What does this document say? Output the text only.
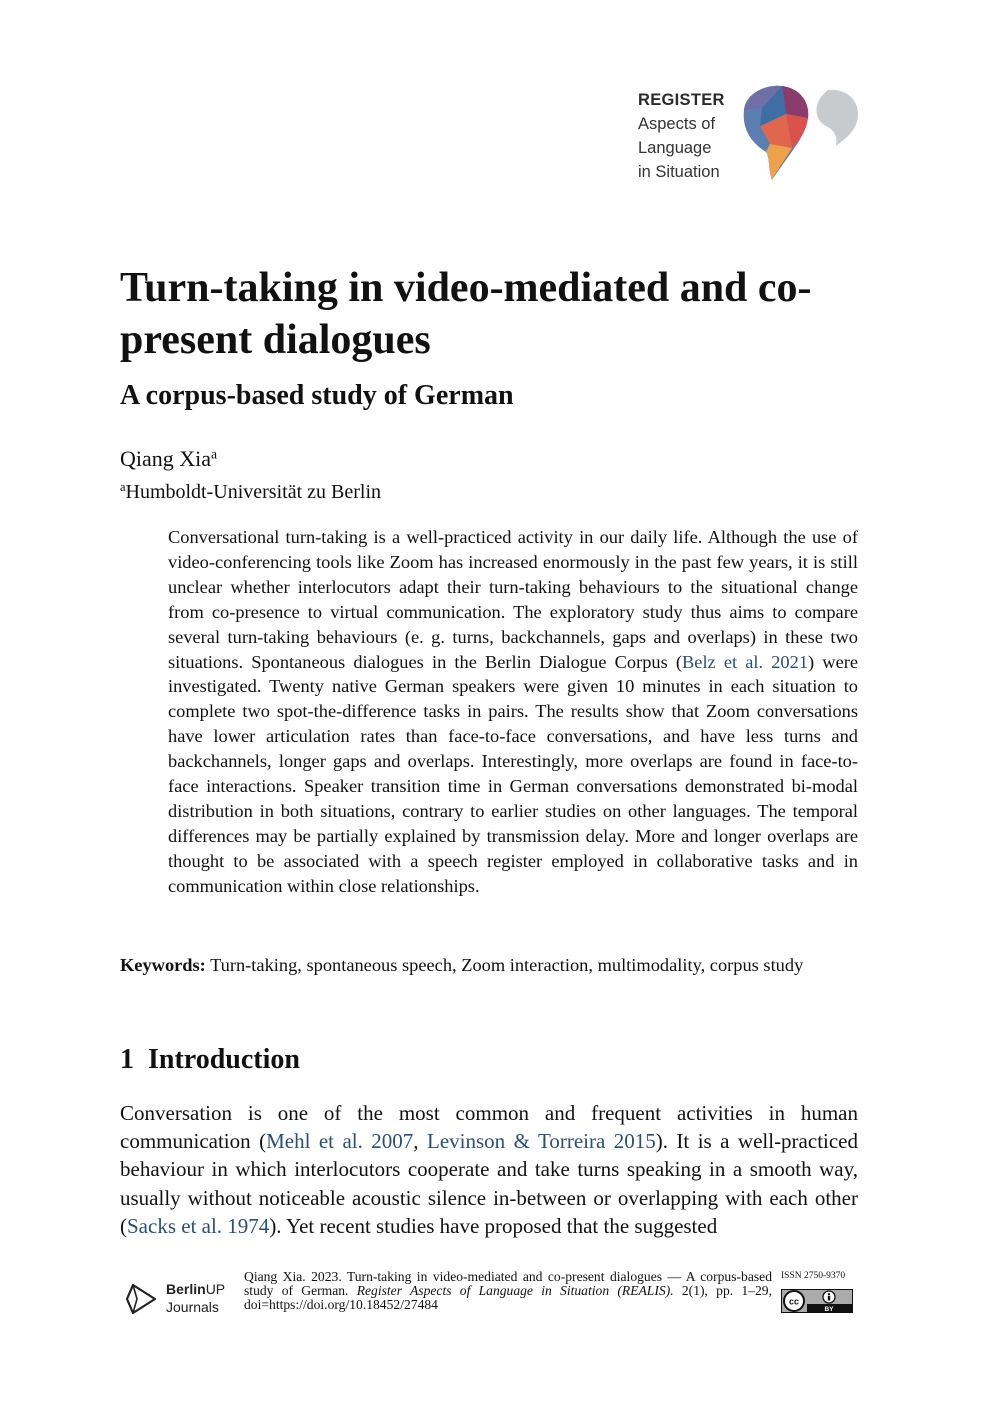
REGISTER
Aspects of
Language
in Situation
Turn-taking in video-mediated and co-present dialogues
A corpus-based study of German
Qiang Xia$^a$
$^a$Humboldt-Universität zu Berlin

Conversational turn-taking is a well-practiced activity in our daily life. Although the use of video-conferencing tools like Zoom has increased enormously in the past few years, it is still unclear whether interlocutors adapt their turn-taking behaviours to the situational change from co-presence to virtual communication. The exploratory study thus aims to compare several turn-taking behaviours (e. g. turns, backchannels, gaps and overlaps) in these two situations. Spontaneous dialogues in the Berlin Dialogue Corpus (Belz et al. 2021) were investigated. Twenty native German speakers were given 10 minutes in each situation to complete two spot-the-difference tasks in pairs. The results show that Zoom conversations have lower articulation rates than face-to-face conversations, and have less turns and backchannels, longer gaps and overlaps. Interestingly, more overlaps are found in face-to-face interactions. Speaker transition time in German conversations demonstrated bi-modal distribution in both situations, contrary to earlier studies on other languages. The temporal differences may be partially explained by transmission delay. More and longer overlaps are thought to be associated with a speech register employed in collaborative tasks and in communication within close relationships.

Keywords: Turn-taking, spontaneous speech, Zoom interaction, multimodality, corpus study

1 Introduction

Conversation is one of the most common and frequent activities in human communication (Mehl et al. 2007, Levinson & Torreira 2015). It is a well-practiced behaviour in which interlocutors cooperate and take turns speaking in a smooth way, usually without noticeable acoustic silence in-between or overlapping with each other (Sacks et al. 1974). Yet recent studies have proposed that the suggested

BerlinUP
Journals
Qiang Xia. 2023. Turn-taking in video-mediated and co-present dialogues — A corpus-based study of German. Register Aspects of Language in Situation (REALIS). 2(1), pp. 1–29, doi=https://doi.org/10.18452/27484
ISSN 2750-9370
cc
BY
